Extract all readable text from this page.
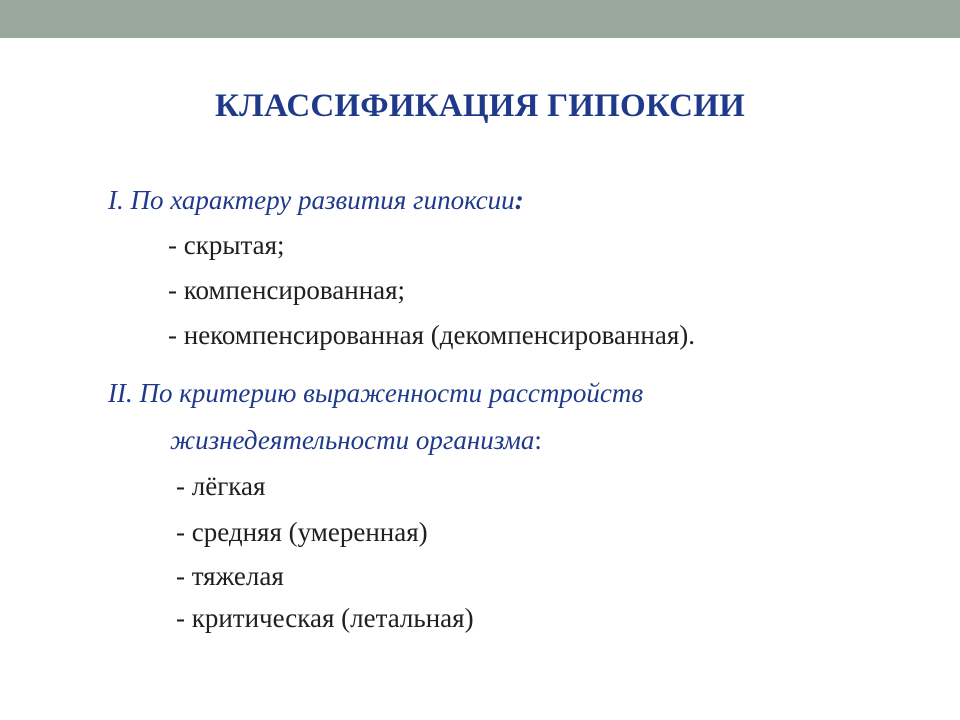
КЛАССИФИКАЦИЯ ГИПОКСИИ
I. По характеру развития гипоксии:
- скрытая;
- компенсированная;
- некомпенсированная (декомпенсированная).
II. По критерию выраженности расстройств
жизнедеятельности организма:
- лёгкая
- средняя (умеренная)
- тяжелая
- критическая (летальная)
